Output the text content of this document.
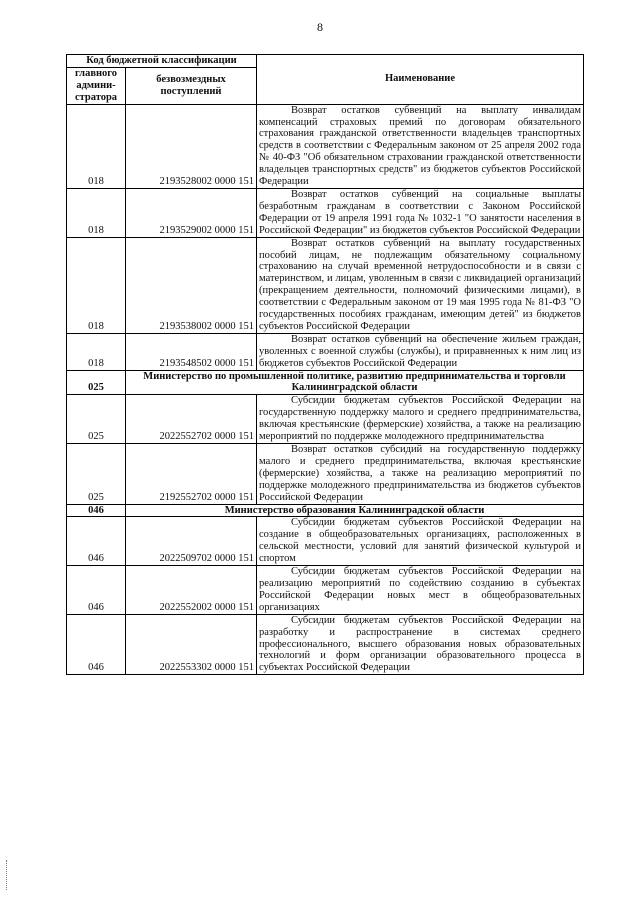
8
Код бюджетной классификации		Наименование
главного админи-стратора	безвозмездных поступлений	
018	2193528002 0000 151	Возврат остатков субвенций на выплату инвалидам компенсаций страховых премий по договорам обязательного страхования гражданской ответственности владельцев транспортных средств в соответствии с Федеральным законом от 25 апреля 2002 года № 40-ФЗ "Об обязательном страховании гражданской ответственности владельцев транспортных средств" из бюджетов субъектов Российской Федерации

018	2193529002 0000 151	Возврат остатков субвенций на социальные выплаты безработным гражданам в соответствии с Законом Российской Федерации от 19 апреля 1991 года № 1032-1 "О занятости населения в Российской Федерации" из бюджетов субъектов Российской Федерации

018	2193538002 0000 151	Возврат остатков субвенций на выплату государственных пособий лицам, не подлежащим обязательному социальному страхованию на случай временной нетрудоспособности и в связи с материнством, и лицам, уволенным в связи с ликвидацией организаций (прекращением деятельности, полномочий физическими лицами), в соответствии с Федеральным законом от 19 мая 1995 года № 81-ФЗ "О государственных пособиях гражданам, имеющим детей" из бюджетов субъектов Российской Федерации

018	2193548502 0000 151	Возврат остатков субвенций на обеспечение жильем граждан, уволенных с военной службы (службы), и приравненных к ним лиц из бюджетов субъектов Российской Федерации

025	Министерство по промышленной политике, развитию предпринимательства и торговли Калининградской области	
025	2022552702 0000 151	Субсидии бюджетам субъектов Российской Федерации на государственную поддержку малого и среднего предпринимательства, включая крестьянские (фермерские) хозяйства, а также на реализацию мероприятий по поддержке молодежного предпринимательства

025	2192552702 0000 151	Возврат остатков субсидий на государственную поддержку малого и среднего предпринимательства, включая крестьянские (фермерские) хозяйства, а также на реализацию мероприятий по поддержке молодежного предпринимательства из бюджетов субъектов Российской Федерации

046	Министерство образования Калининградской области	
046	2022509702 0000 151	Субсидии бюджетам субъектов Российской Федерации на создание в общеобразовательных организациях, расположенных в сельской местности, условий для занятий физической культурой и спортом

046	2022552002 0000 151	Субсидии бюджетам субъектов Российской Федерации на реализацию мероприятий по содействию созданию в субъектах Российской Федерации новых мест в общеобразовательных организациях

046	2022553302 0000 151	Субсидии бюджетам субъектов Российской Федерации на разработку и распространение в системах среднего профессионального, высшего образования новых образовательных технологий и форм организации образовательного процесса в субъектах Российской Федерации
